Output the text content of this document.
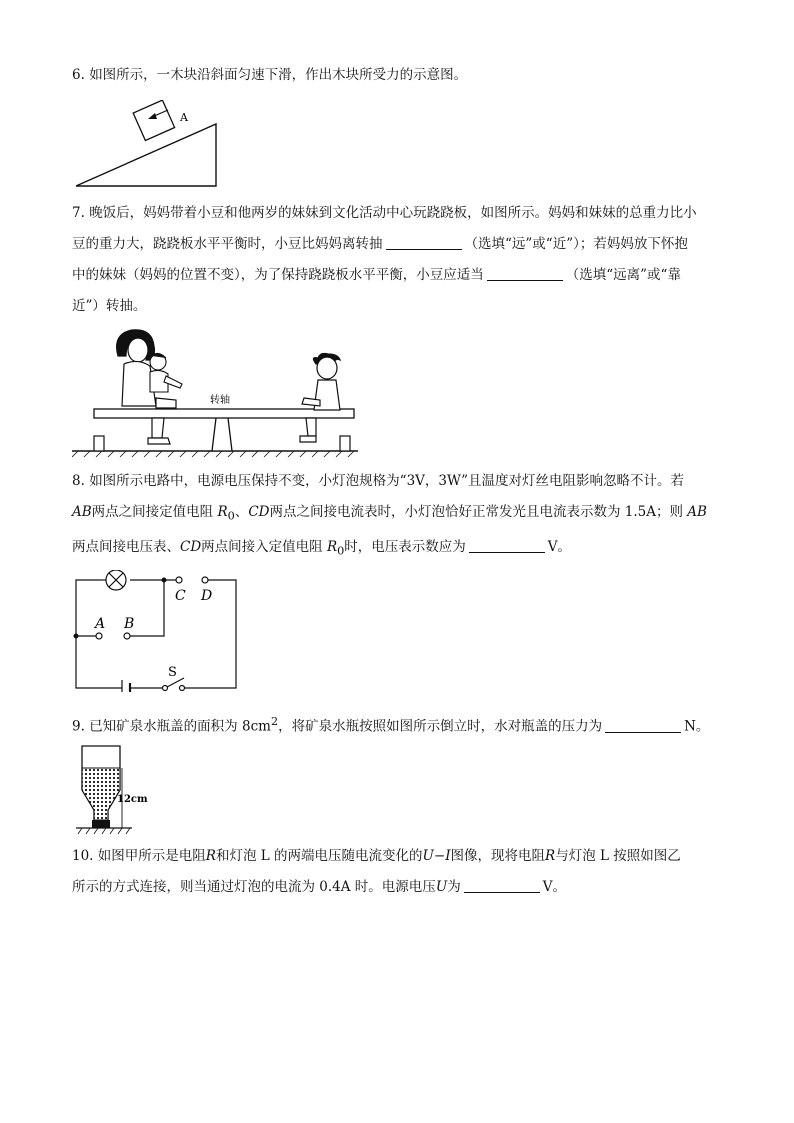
6. 如图所示，一木块沿斜面匀速下滑，作出木块所受力的示意图。
A
7. 晚饭后，妈妈带着小豆和他两岁的妹妹到文化活动中心玩跷跷板，如图所示。妈妈和妹妹的总重力比小
豆的重力大，跷跷板水平平衡时，小豆比妈妈离转抽	（选填“远”或“近”）；若妈妈放下怀抱
中的妹妹（妈妈的位置不变），为了保持跷跷板水平平衡，小豆应适当	（选填“远离”或“靠
近”）转抽。
转轴
8. 如图所示电路中，电源电压保持不变，小灯泡规格为“3V，3W”且温度对灯丝电阻影响忽略不计。若
AB两点之间接定值电阻 $R_0$、CD两点之间接电流表时，小灯泡恰好正常发光且电流表示数为 1.5A；则 AB
两点间接电压表、CD两点间接入定值电阻 $R_0$时，电压表示数应为	V。
A B
C D
S
9. 已知矿泉水瓶盖的面积为 $8cm^2$，将矿泉水瓶按照如图所示倒立时，水对瓶盖的压力为	N。
12cm
10. 如图甲所示是电阻R和灯泡 L 的两端电压随电流变化的U−I图像，现将电阻R与灯泡 L 按照如图乙
所示的方式连接，则当通过灯泡的电流为 0.4A 时。电源电压U为	V。
